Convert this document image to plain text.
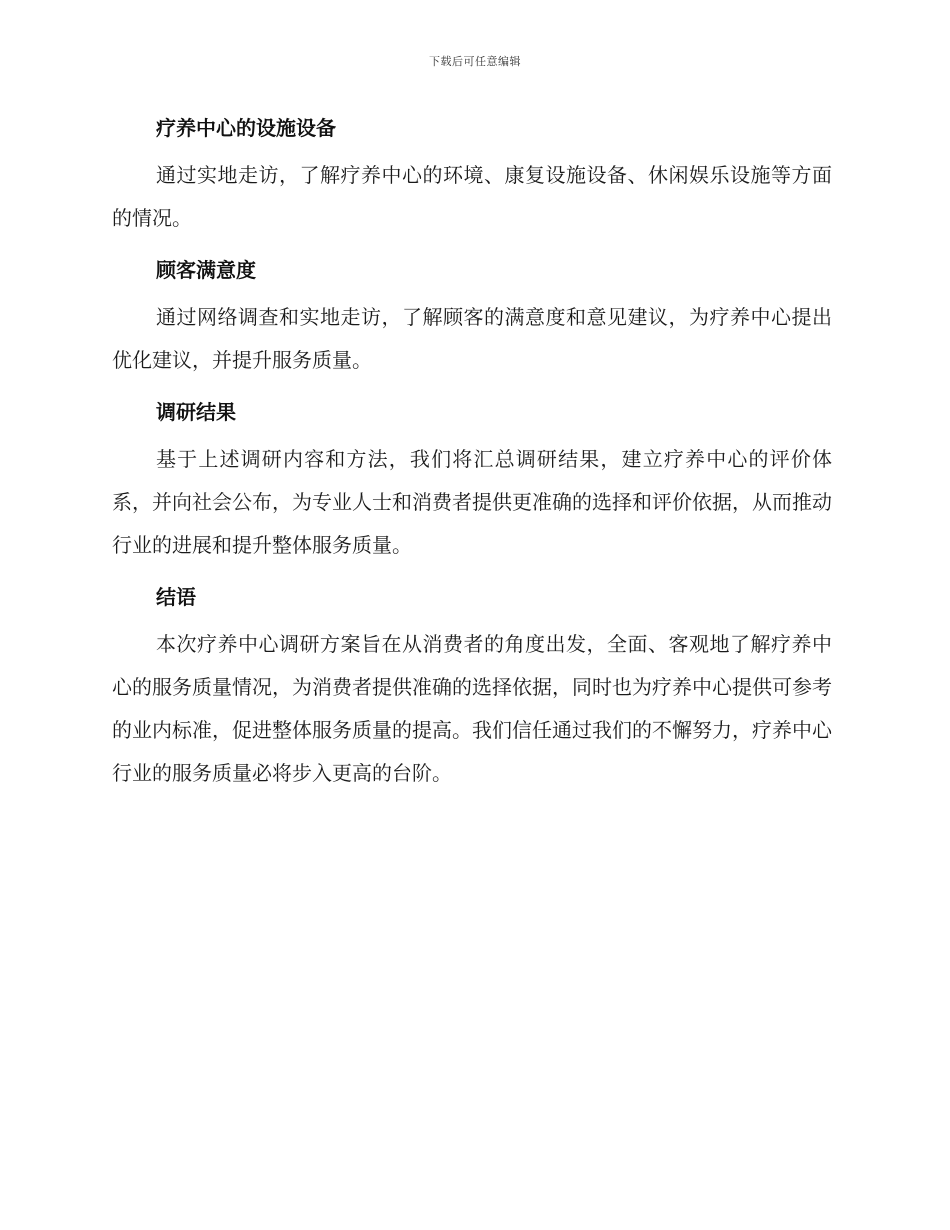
下载后可任意编辑
疗养中心的设施设备

通过实地走访，了解疗养中心的环境、康复设施设备、休闲娱乐设施等方面的情况。

顾客满意度

通过网络调查和实地走访，了解顾客的满意度和意见建议，为疗养中心提出优化建议，并提升服务质量。

调研结果

基于上述调研内容和方法，我们将汇总调研结果，建立疗养中心的评价体系，并向社会公布，为专业人士和消费者提供更准确的选择和评价依据，从而推动行业的进展和提升整体服务质量。

结语

本次疗养中心调研方案旨在从消费者的角度出发，全面、客观地了解疗养中心的服务质量情况，为消费者提供准确的选择依据，同时也为疗养中心提供可参考的业内标准，促进整体服务质量的提高。我们信任通过我们的不懈努力，疗养中心行业的服务质量必将步入更高的台阶。
